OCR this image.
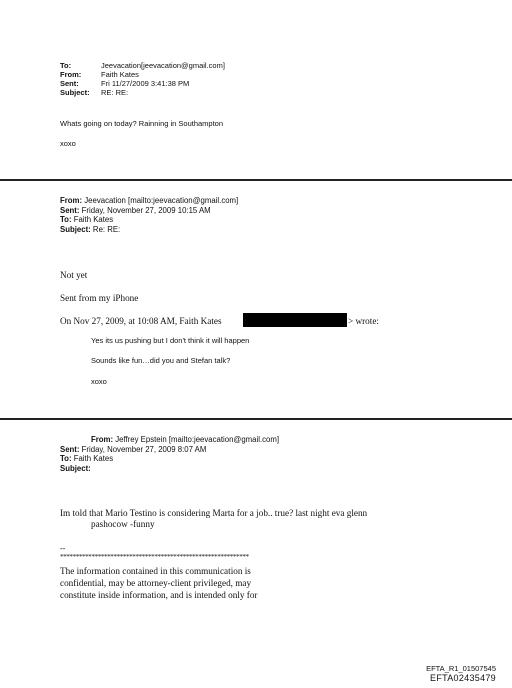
To:	Jeevacation[jeevacation@gmail.com]
From:	Faith Kates
Sent:	Fri 11/27/2009 3:41:38 PM
Subject: RE: RE:
Whats going on today? Rainning in Southampton
xoxo
From: Jeevacation [mailto:jeevacation@gmail.com]
Sent: Friday, November 27, 2009 10:15 AM
To: Faith Kates
Subject: Re: RE:
Not yet
Sent from my iPhone
On Nov 27, 2009, at 10:08 AM, Faith Kates	> wrote:
Yes its us pushing but I don't think it will happen
Sounds like fun…did you and Stefan talk?
xoxo
From: Jeffrey Epstein [mailto:jeevacation@gmail.com]
Sent: Friday, November 27, 2009 8:07 AM
To: Faith Kates
Subject:
Im told that Mario Testino is considering Marta for a job.. true? last night eva glenn
pashocow -funny
--
************************************************************
The information contained in this communication is
confidential, may be attorney-client privileged, may
constitute inside information, and is intended only for
EFTA_R1_01507545
EFTA02435479
